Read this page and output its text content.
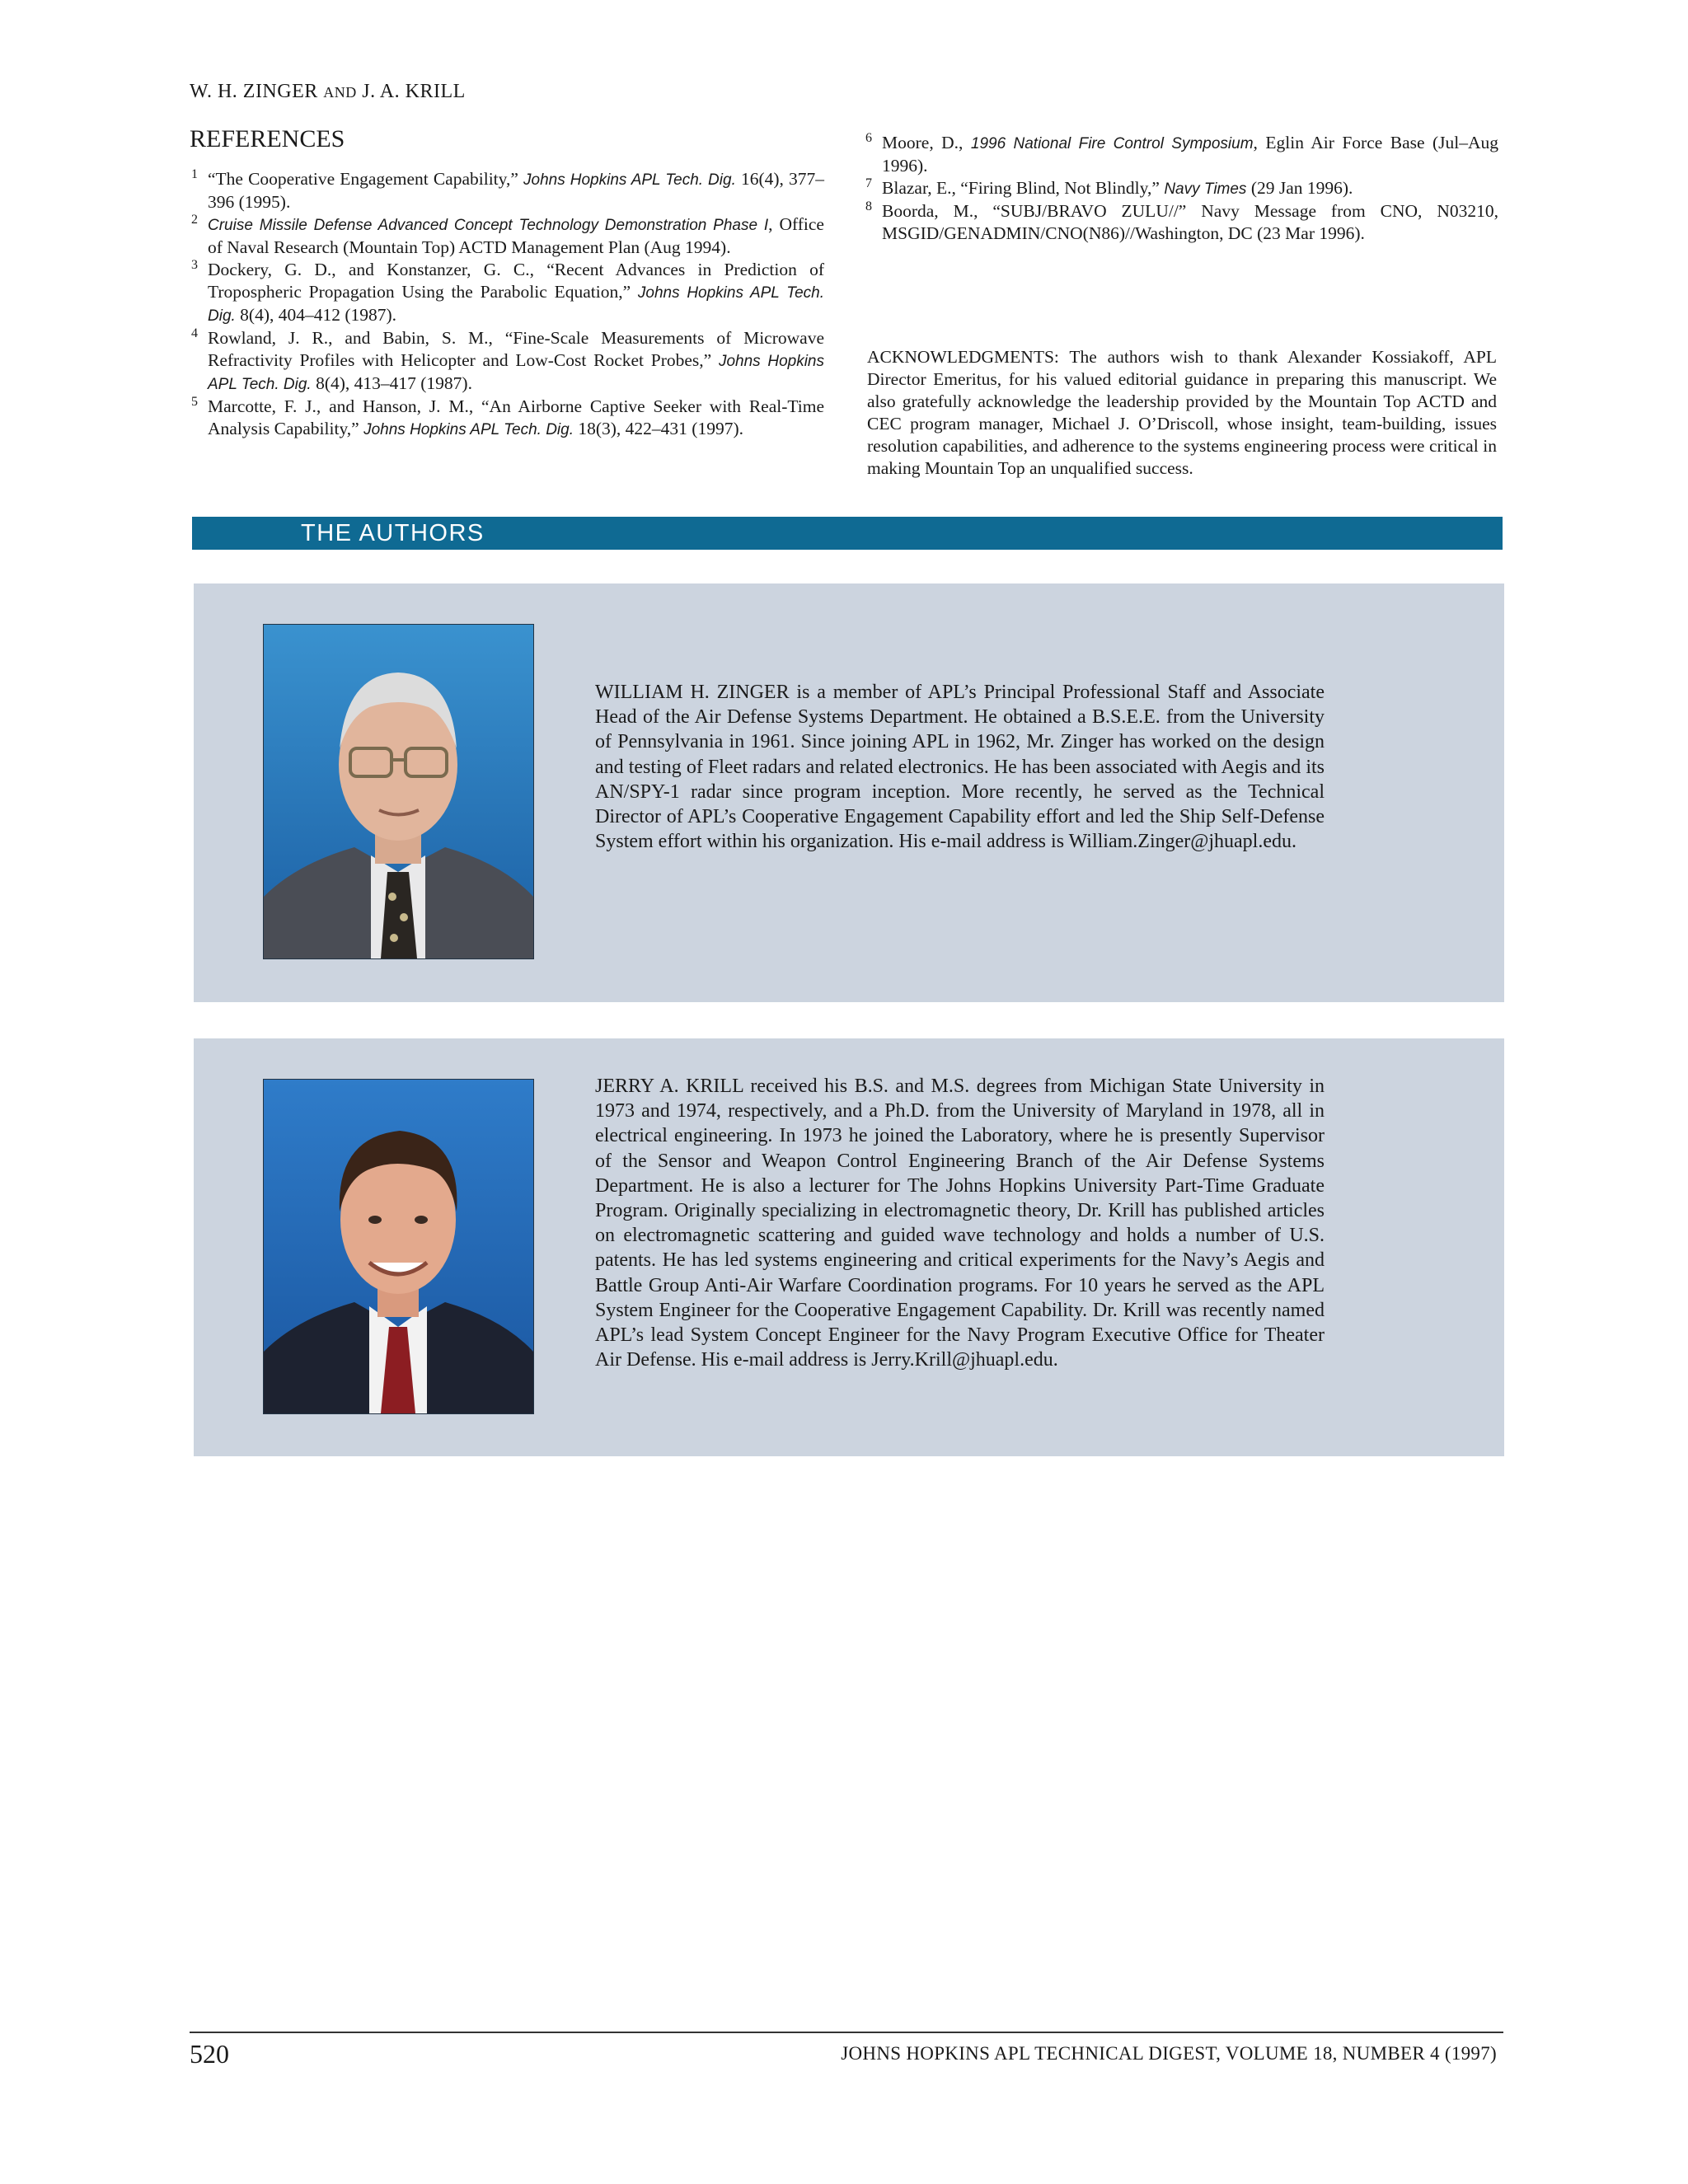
W. H. ZINGER AND J. A. KRILL
REFERENCES
1 “The Cooperative Engagement Capability,” Johns Hopkins APL Tech. Dig. 16(4), 377–396 (1995).
2 Cruise Missile Defense Advanced Concept Technology Demonstration Phase I, Office of Naval Research (Mountain Top) ACTD Management Plan (Aug 1994).
3 Dockery, G. D., and Konstanzer, G. C., “Recent Advances in Prediction of Tropospheric Propagation Using the Parabolic Equation,” Johns Hopkins APL Tech. Dig. 8(4), 404–412 (1987).
4 Rowland, J. R., and Babin, S. M., “Fine-Scale Measurements of Microwave Refractivity Profiles with Helicopter and Low-Cost Rocket Probes,” Johns Hopkins APL Tech. Dig. 8(4), 413–417 (1987).
5 Marcotte, F. J., and Hanson, J. M., “An Airborne Captive Seeker with Real-Time Analysis Capability,” Johns Hopkins APL Tech. Dig. 18(3), 422–431 (1997).
6 Moore, D., 1996 National Fire Control Symposium, Eglin Air Force Base (Jul–Aug 1996).
7 Blazar, E., “Firing Blind, Not Blindly,” Navy Times (29 Jan 1996).
8 Boorda, M., “SUBJ/BRAVO ZULU//” Navy Message from CNO, N03210, MSGID/GENADMIN/CNO(N86)//Washington, DC (23 Mar 1996).
ACKNOWLEDGMENTS: The authors wish to thank Alexander Kossiakoff, APL Director Emeritus, for his valued editorial guidance in preparing this manuscript. We also gratefully acknowledge the leadership provided by the Mountain Top ACTD and CEC program manager, Michael J. O’Driscoll, whose insight, team-building, issues resolution capabilities, and adherence to the systems engineering process were critical in making Mountain Top an unqualified success.
THE AUTHORS
WILLIAM H. ZINGER is a member of APL’s Principal Professional Staff and Associate Head of the Air Defense Systems Department. He obtained a B.S.E.E. from the University of Pennsylvania in 1961. Since joining APL in 1962, Mr. Zinger has worked on the design and testing of Fleet radars and related electronics. He has been associated with Aegis and its AN/SPY-1 radar since program inception. More recently, he served as the Technical Director of APL’s Cooperative Engagement Capability effort and led the Ship Self-Defense System effort within his organization. His e-mail address is William.Zinger@jhuapl.edu.
JERRY A. KRILL received his B.S. and M.S. degrees from Michigan State University in 1973 and 1974, respectively, and a Ph.D. from the University of Maryland in 1978, all in electrical engineering. In 1973 he joined the Laboratory, where he is presently Supervisor of the Sensor and Weapon Control Engineering Branch of the Air Defense Systems Department. He is also a lecturer for The Johns Hopkins University Part-Time Graduate Program. Originally specializing in electromagnetic theory, Dr. Krill has published articles on electromagnetic scattering and guided wave technology and holds a number of U.S. patents. He has led systems engineering and critical experiments for the Navy’s Aegis and Battle Group Anti-Air Warfare Coordination programs. For 10 years he served as the APL System Engineer for the Cooperative Engagement Capability. Dr. Krill was recently named APL’s lead System Concept Engineer for the Navy Program Executive Office for Theater Air Defense. His e-mail address is Jerry.Krill@jhuapl.edu.
520	JOHNS HOPKINS APL TECHNICAL DIGEST, VOLUME 18, NUMBER 4 (1997)
